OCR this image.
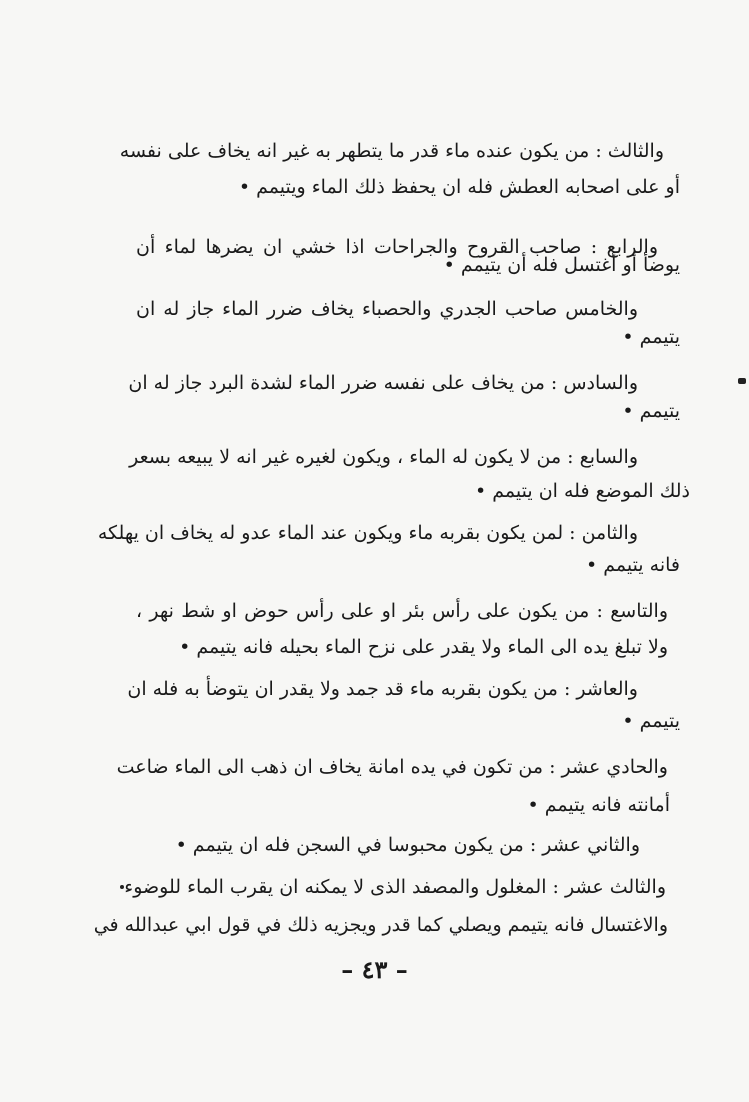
والثالث : من يكون عنده ماء قدر ما يتطهر به غير انه يخاف على نفسه
أو على اصحابه العطش فله ان يحفظ ذلك الماء ويتيمم •
والرابع : صاحب القروح والجراحات اذا خشي ان يضرها لماء أن
يوضأ أو أغتسل فله أن يتيمم •
والخامس صاحب الجدري والحصباء يخاف ضرر الماء جاز له ان
يتيمم •
والسادس : من يخاف على نفسه ضرر الماء لشدة البرد جاز له ان
يتيمم •
والسابع : من لا يكون له الماء ، ويكون لغيره غير انه لا يبيعه بسعر
ذلك الموضع فله ان يتيمم •
والثامن : لمن يكون بقربه ماء ويكون عند الماء عدو له يخاف ان يهلكه
فانه يتيمم •
والتاسع : من يكون على رأس بئر او على رأس حوض او شط نهر ،
ولا تبلغ يده الى الماء ولا يقدر على نزح الماء بحيله فانه يتيمم •
والعاشر : من يكون بقربه ماء قد جمد ولا يقدر ان يتوضأ به فله ان
يتيمم •
والحادي عشر : من تكون في يده امانة يخاف ان ذهب الى الماء ضاعت
أمانته فانه يتيمم •
والثاني عشر : من يكون محبوسا في السجن فله ان يتيمم •
والثالث عشر : المغلول والمصفد الذى لا يمكنه ان يقرب الماء للوضوء
والاغتسال فانه يتيمم ويصلي كما قدر ويجزيه ذلك في قول ابي عبدالله في
– ٤٣ –
